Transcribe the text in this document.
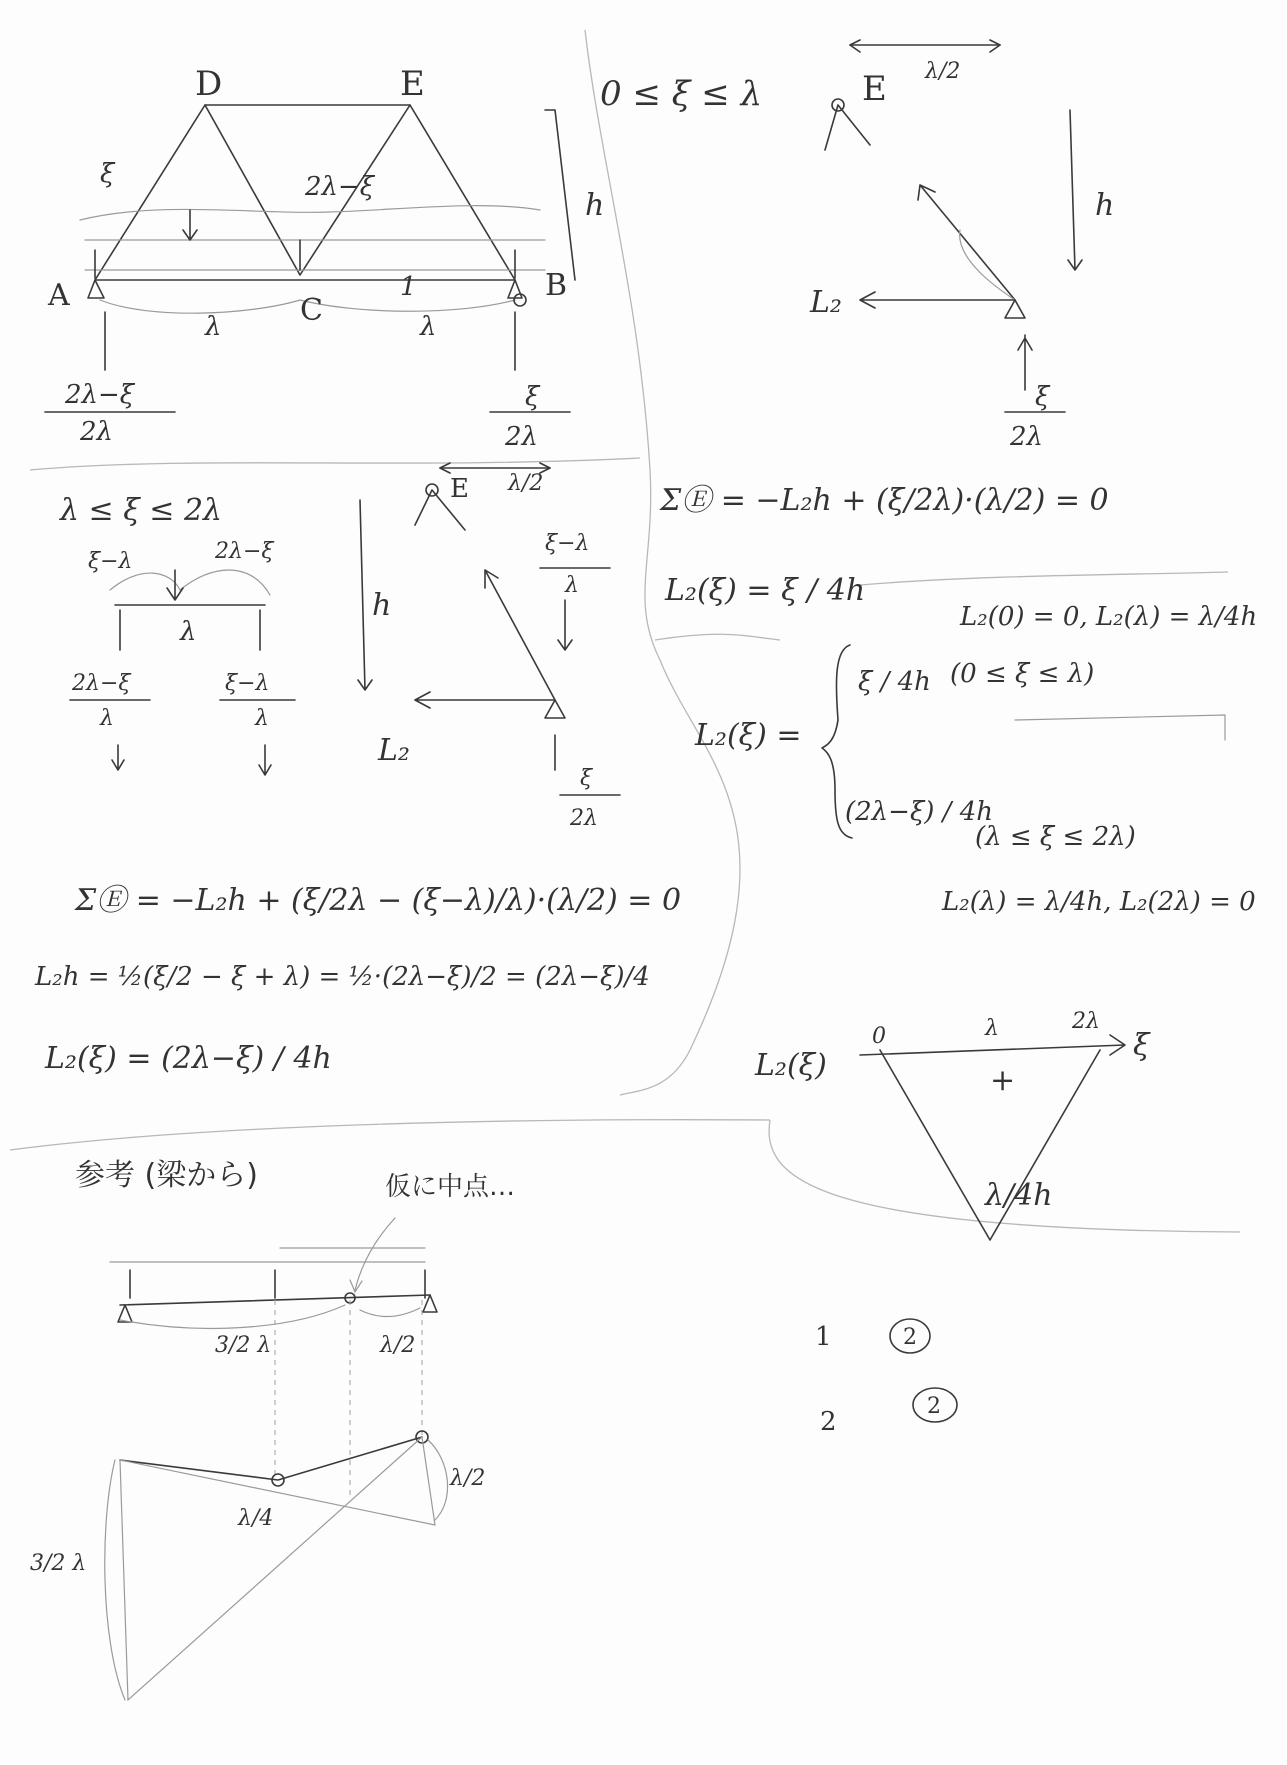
D	E
A	B
C
ξ	2λ−ξ
1
λ	λ
h
2λ−ξ
2λ
ξ
2λ
0 ≤ ξ ≤ λ	E λ/2
h
L₂
ξ
2λ
ΣⒺ = −L₂h + (ξ/2λ)·(λ/2) = 0
L₂(ξ) = ξ / 4h
λ ≤ ξ ≤ 2λ
ξ−λ	2λ−ξ
λ
2λ−ξ
λ
ξ−λ
λ
E λ/2
h
L₂
ξ−λ
λ
ξ
2λ
ΣⒺ = −L₂h + (ξ/2λ − (ξ−λ)/λ)·(λ/2) = 0
L₂h = ½(ξ/2 − ξ + λ) = ½·(2λ−ξ)/2 = (2λ−ξ)/4
L₂(ξ) = (2λ−ξ) / 4h
L₂(0) = 0, L₂(λ) = λ/4h
L₂(ξ) =
ξ / 4h (0 ≤ ξ ≤ λ)
(2λ−ξ) / 4h
(λ ≤ ξ ≤ 2λ)
L₂(λ) = λ/4h, L₂(2λ) = 0
L₂(ξ)
0	λ	2λ
ξ
+
λ/4h
参考 (梁から)	仮に中点…
3/2 λ	λ/2
λ/4
λ/2
3/2 λ
1	2
2
2
